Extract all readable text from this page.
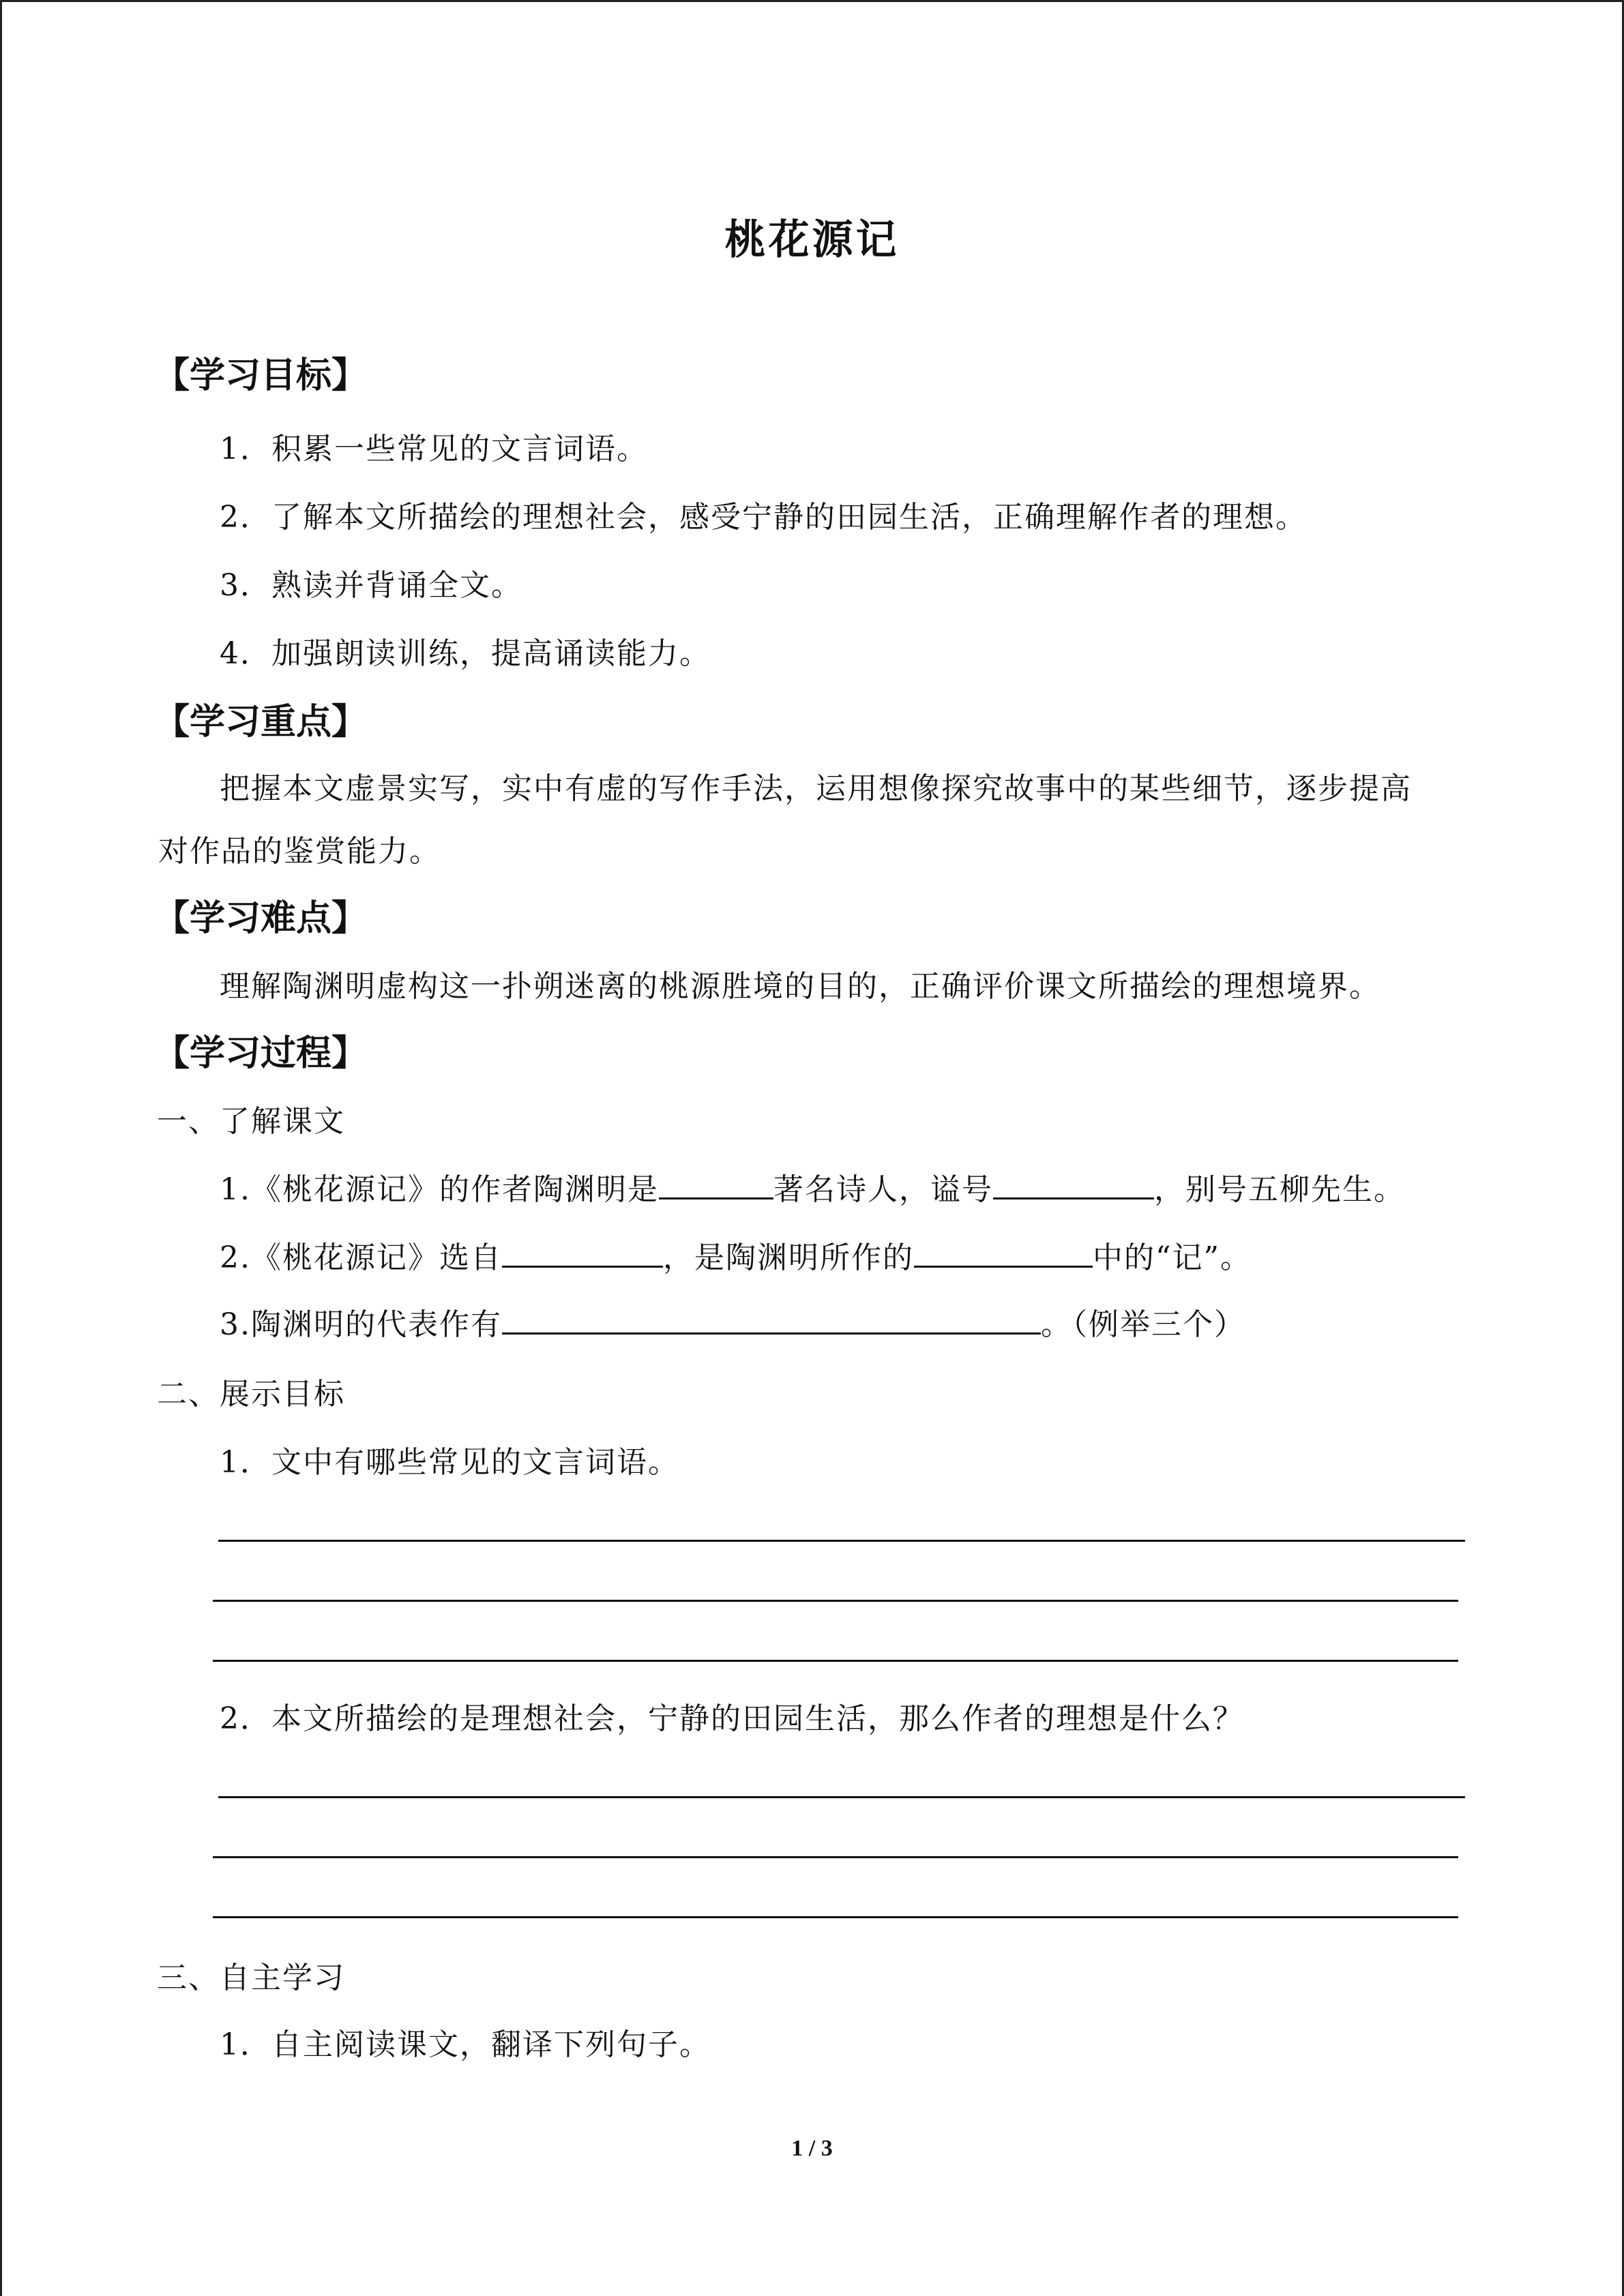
桃花源记
【学习目标】
1．积累一些常见的文言词语。
2．了解本文所描绘的理想社会，感受宁静的田园生活，正确理解作者的理想。
3．熟读并背诵全文。
4．加强朗读训练，提高诵读能力。
【学习重点】
把握本文虚景实写，实中有虚的写作手法，运用想像探究故事中的某些细节，逐步提高
对作品的鉴赏能力。
【学习难点】
理解陶渊明虚构这一扑朔迷离的桃源胜境的目的，正确评价课文所描绘的理想境界。
【学习过程】
一、了解课文
1.《桃花源记》的作者陶渊明是	著名诗人，谥号	，别号五柳先生。
2.《桃花源记》选自	，是陶渊明所作的	中的“记”。
3.陶渊明的代表作有	。（例举三个）
二、展示目标
1．文中有哪些常见的文言词语。
2．本文所描绘的是理想社会，宁静的田园生活，那么作者的理想是什么？
三、自主学习
1．自主阅读课文，翻译下列句子。
1 / 3
